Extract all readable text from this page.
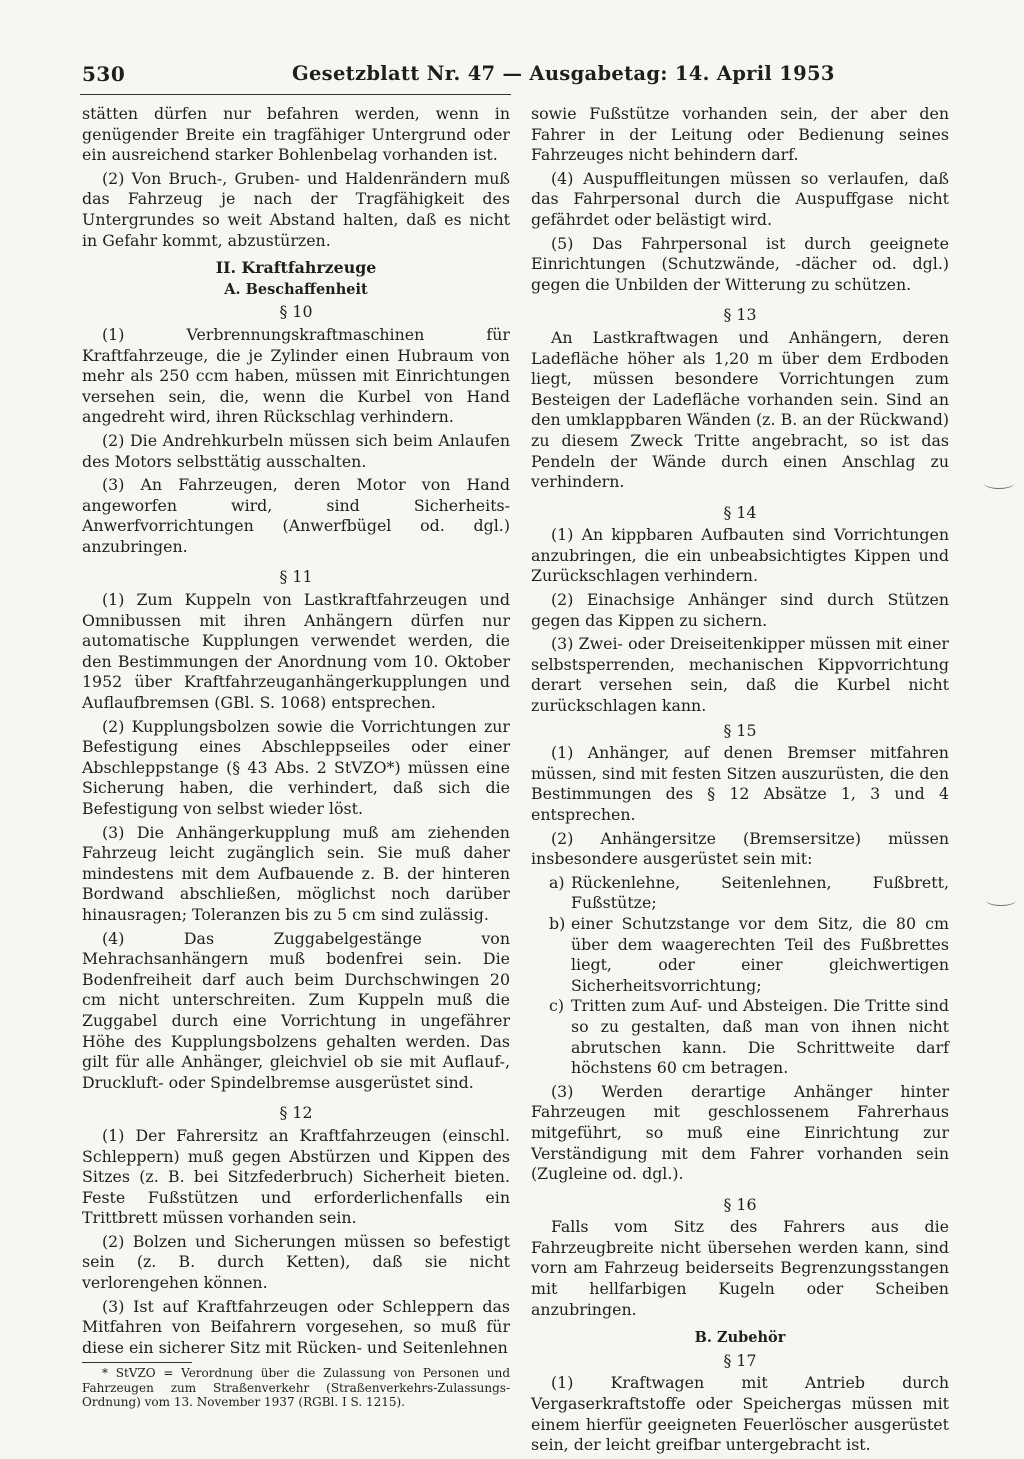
530	Gesetzblatt Nr. 47 — Ausgabetag: 14. April 1953

stätten dürfen nur befahren werden, wenn in genügender Breite ein tragfähiger Untergrund oder ein ausreichend starker Bohlenbelag vorhanden ist.

(2) Von Bruch-, Gruben- und Haldenrändern muß das Fahrzeug je nach der Tragfähigkeit des Untergrundes so weit Abstand halten, daß es nicht in Gefahr kommt, abzustürzen.

II. Kraftfahrzeuge
A. Beschaffenheit
§ 10

(1) Verbrennungskraftmaschinen für Kraftfahrzeuge, die je Zylinder einen Hubraum von mehr als 250 ccm haben, müssen mit Einrichtungen versehen sein, die, wenn die Kurbel von Hand angedreht wird, ihren Rückschlag verhindern.

(2) Die Andrehkurbeln müssen sich beim Anlaufen des Motors selbsttätig ausschalten.

(3) An Fahrzeugen, deren Motor von Hand angeworfen wird, sind Sicherheits-Anwerfvorrichtungen (Anwerfbügel od. dgl.) anzubringen.

§ 11

(1) Zum Kuppeln von Lastkraftfahrzeugen und Omnibussen mit ihren Anhängern dürfen nur automatische Kupplungen verwendet werden, die den Bestimmungen der Anordnung vom 10. Oktober 1952 über Kraftfahrzeuganhängerkupplungen und Auflaufbremsen (GBl. S. 1068) entsprechen.

(2) Kupplungsbolzen sowie die Vorrichtungen zur Befestigung eines Abschleppseiles oder einer Abschleppstange (§ 43 Abs. 2 StVZO*) müssen eine Sicherung haben, die verhindert, daß sich die Befestigung von selbst wieder löst.

(3) Die Anhängerkupplung muß am ziehenden Fahrzeug leicht zugänglich sein. Sie muß daher mindestens mit dem Aufbauende z. B. der hinteren Bordwand abschließen, möglichst noch darüber hinausragen; Toleranzen bis zu 5 cm sind zulässig.

(4) Das Zuggabelgestänge von Mehrachsanhängern muß bodenfrei sein. Die Bodenfreiheit darf auch beim Durchschwingen 20 cm nicht unterschreiten. Zum Kuppeln muß die Zuggabel durch eine Vorrichtung in ungefährer Höhe des Kupplungsbolzens gehalten werden. Das gilt für alle Anhänger, gleichviel ob sie mit Auflauf-, Druckluft- oder Spindelbremse ausgerüstet sind.

§ 12

(1) Der Fahrersitz an Kraftfahrzeugen (einschl. Schleppern) muß gegen Abstürzen und Kippen des Sitzes (z. B. bei Sitzfederbruch) Sicherheit bieten. Feste Fußstützen und erforderlichenfalls ein Trittbrett müssen vorhanden sein.

(2) Bolzen und Sicherungen müssen so befestigt sein (z. B. durch Ketten), daß sie nicht verlorengehen können.

(3) Ist auf Kraftfahrzeugen oder Schleppern das Mitfahren von Beifahrern vorgesehen, so muß für diese ein sicherer Sitz mit Rücken- und Seitenlehnen

* StVZO = Verordnung über die Zulassung von Personen und Fahrzeugen zum Straßenverkehr (Straßenverkehrs-Zulassungs-Ordnung) vom 13. November 1937 (RGBl. I S. 1215).

sowie Fußstütze vorhanden sein, der aber den Fahrer in der Leitung oder Bedienung seines Fahrzeuges nicht behindern darf.

(4) Auspuffleitungen müssen so verlaufen, daß das Fahrpersonal durch die Auspuffgase nicht gefährdet oder belästigt wird.

(5) Das Fahrpersonal ist durch geeignete Einrichtungen (Schutzwände, -dächer od. dgl.) gegen die Unbilden der Witterung zu schützen.

§ 13

An Lastkraftwagen und Anhängern, deren Ladefläche höher als 1,20 m über dem Erdboden liegt, müssen besondere Vorrichtungen zum Besteigen der Ladefläche vorhanden sein. Sind an den umklappbaren Wänden (z. B. an der Rückwand) zu diesem Zweck Tritte angebracht, so ist das Pendeln der Wände durch einen Anschlag zu verhindern.

§ 14

(1) An kippbaren Aufbauten sind Vorrichtungen anzubringen, die ein unbeabsichtigtes Kippen und Zurückschlagen verhindern.

(2) Einachsige Anhänger sind durch Stützen gegen das Kippen zu sichern.

(3) Zwei- oder Dreiseitenkipper müssen mit einer selbstsperrenden, mechanischen Kippvorrichtung derart versehen sein, daß die Kurbel nicht zurückschlagen kann.

§ 15

(1) Anhänger, auf denen Bremser mitfahren müssen, sind mit festen Sitzen auszurüsten, die den Bestimmungen des § 12 Absätze 1, 3 und 4 entsprechen.

(2) Anhängersitze (Bremsersitze) müssen insbesondere ausgerüstet sein mit:

a) Rückenlehne, Seitenlehnen, Fußbrett, Fußstütze;
b) einer Schutzstange vor dem Sitz, die 80 cm über dem waagerechten Teil des Fußbrettes liegt, oder einer gleichwertigen Sicherheitsvorrichtung;
c) Tritten zum Auf- und Absteigen. Die Tritte sind so zu gestalten, daß man von ihnen nicht abrutschen kann. Die Schrittweite darf höchstens 60 cm betragen.

(3) Werden derartige Anhänger hinter Fahrzeugen mit geschlossenem Fahrerhaus mitgeführt, so muß eine Einrichtung zur Verständigung mit dem Fahrer vorhanden sein (Zugleine od. dgl.).

§ 16

Falls vom Sitz des Fahrers aus die Fahrzeugbreite nicht übersehen werden kann, sind vorn am Fahrzeug beiderseits Begrenzungsstangen mit hellfarbigen Kugeln oder Scheiben anzubringen.

B. Zubehör
§ 17

(1) Kraftwagen mit Antrieb durch Vergaserkraftstoffe oder Speichergas müssen mit einem hierfür geeigneten Feuerlöscher ausgerüstet sein, der leicht greifbar untergebracht ist.
